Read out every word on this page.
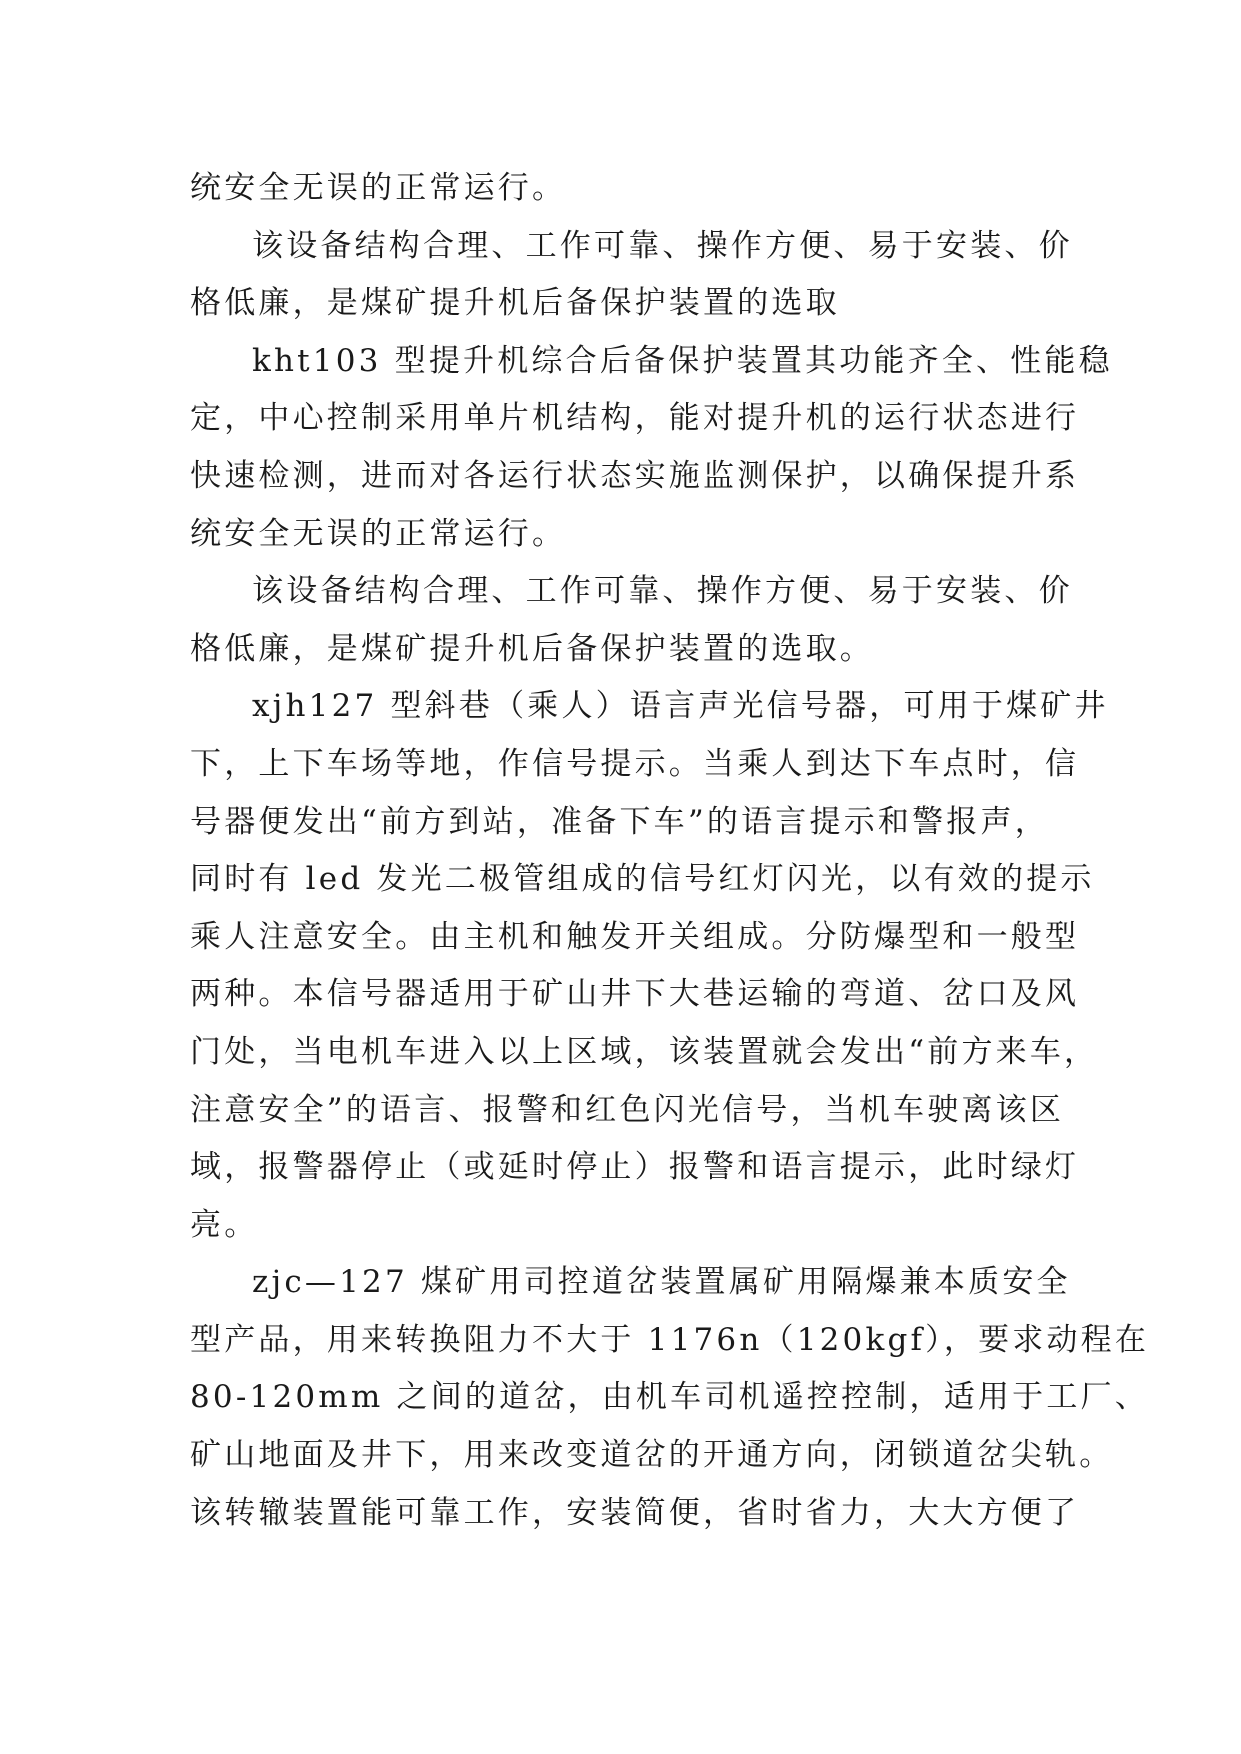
统安全无误的正常运行。
该设备结构合理、工作可靠、操作方便、易于安装、价
格低廉，是煤矿提升机后备保护装置的选取
kht103 型提升机综合后备保护装置其功能齐全、性能稳
定，中心控制采用单片机结构，能对提升机的运行状态进行
快速检测，进而对各运行状态实施监测保护，以确保提升系
统安全无误的正常运行。
该设备结构合理、工作可靠、操作方便、易于安装、价
格低廉，是煤矿提升机后备保护装置的选取。
xjh127 型斜巷（乘人）语言声光信号器，可用于煤矿井
下，上下车场等地，作信号提示。当乘人到达下车点时，信
号器便发出“前方到站，准备下车”的语言提示和警报声，
同时有 led 发光二极管组成的信号红灯闪光，以有效的提示
乘人注意安全。由主机和触发开关组成。分防爆型和一般型
两种。本信号器适用于矿山井下大巷运输的弯道、岔口及风
门处，当电机车进入以上区域，该装置就会发出“前方来车，
注意安全”的语言、报警和红色闪光信号，当机车驶离该区
域，报警器停止（或延时停止）报警和语言提示，此时绿灯
亮。
zjc—127 煤矿用司控道岔装置属矿用隔爆兼本质安全
型产品，用来转换阻力不大于 1176n（120kgf），要求动程在
80-120mm 之间的道岔，由机车司机遥控控制，适用于工厂、
矿山地面及井下，用来改变道岔的开通方向，闭锁道岔尖轨。
该转辙装置能可靠工作，安装简便，省时省力，大大方便了
